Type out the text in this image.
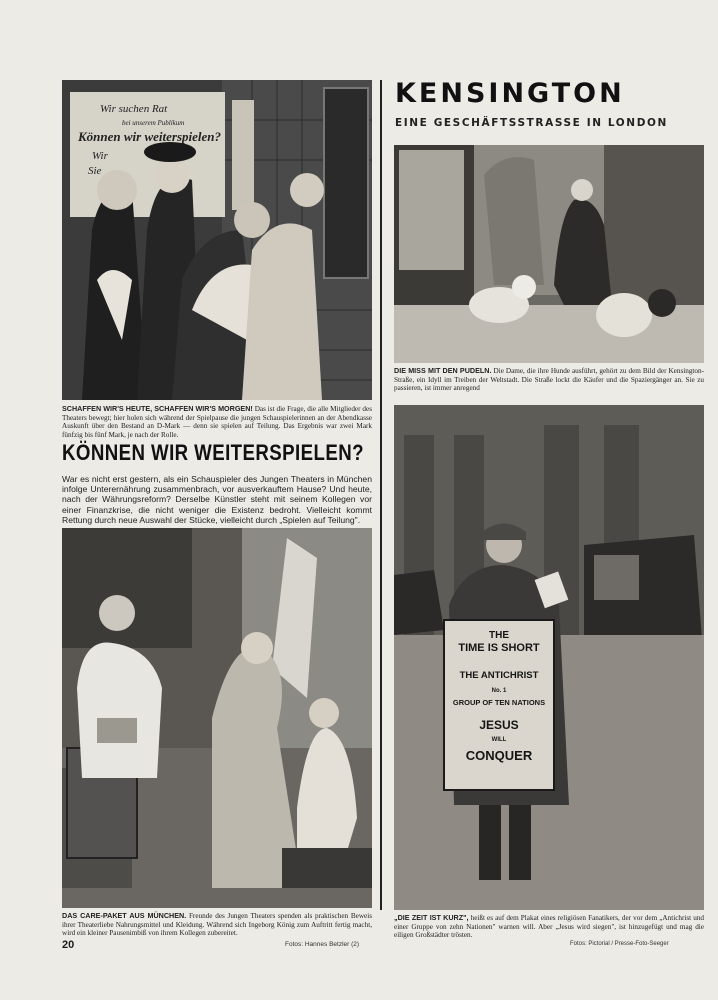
Wir suchen Rat
bei unserem Publikum
Können wir weiterspielen?
Wir
Sie
SCHAFFEN WIR'S HEUTE, SCHAFFEN WIR'S MORGEN! Das ist die Frage, die alle Mitglieder des Theaters bewegt; hier holen sich während der Spielpause die jungen Schauspielerinnen an der Abendkasse Auskunft über den Bestand an D-Mark — denn sie spielen auf Teilung. Das Ergebnis war zwei Mark fünfzig bis fünf Mark, je nach der Rolle.
KÖNNEN WIR WEITERSPIELEN?
War es nicht erst gestern, als ein Schauspieler des Jungen Theaters in München infolge Unterernährung zusammenbrach, vor ausverkauftem Hause? Und heute, nach der Währungsreform? Derselbe Künstler steht mit seinem Kollegen vor einer Finanzkrise, die nicht weniger die Existenz bedroht. Vielleicht kommt Rettung durch neue Auswahl der Stücke, vielleicht durch „Spielen auf Teilung".
DAS CARE-PAKET AUS MÜNCHEN. Freunde des Jungen Theaters spenden als praktischen Beweis ihrer Theaterliebe Nahrungsmittel und Kleidung. Während sich Ingeborg König zum Auftritt fertig macht, wird ein kleiner Pausenimbiß von ihrem Kollegen zubereitet.
KENSINGTON
EINE GESCHÄFTSSTRASSE IN LONDON
DIE MISS MIT DEN PUDELN. Die Dame, die ihre Hunde ausführt, gehört zu dem Bild der Kensington-Straße, ein Idyll im Treiben der Weltstadt. Die Straße lockt die Käufer und die Spaziergänger an. Sie zu passieren, ist immer anregend
THE
TIME IS SHORT
THE ANTICHRIST
No. 1
GROUP OF TEN NATIONS
JESUS
WILL
CONQUER
„DIE ZEIT IST KURZ", heißt es auf dem Plakat eines religiösen Fanatikers, der vor dem „Antichrist und einer Gruppe von zehn Nationen" warnen will. Aber „Jesus wird siegen", ist hinzugefügt und mag die eiligen Großstädter trösten.
20	Fotos: Hannes Betzler (2)	Fotos: Pictorial / Presse-Foto-Seeger
